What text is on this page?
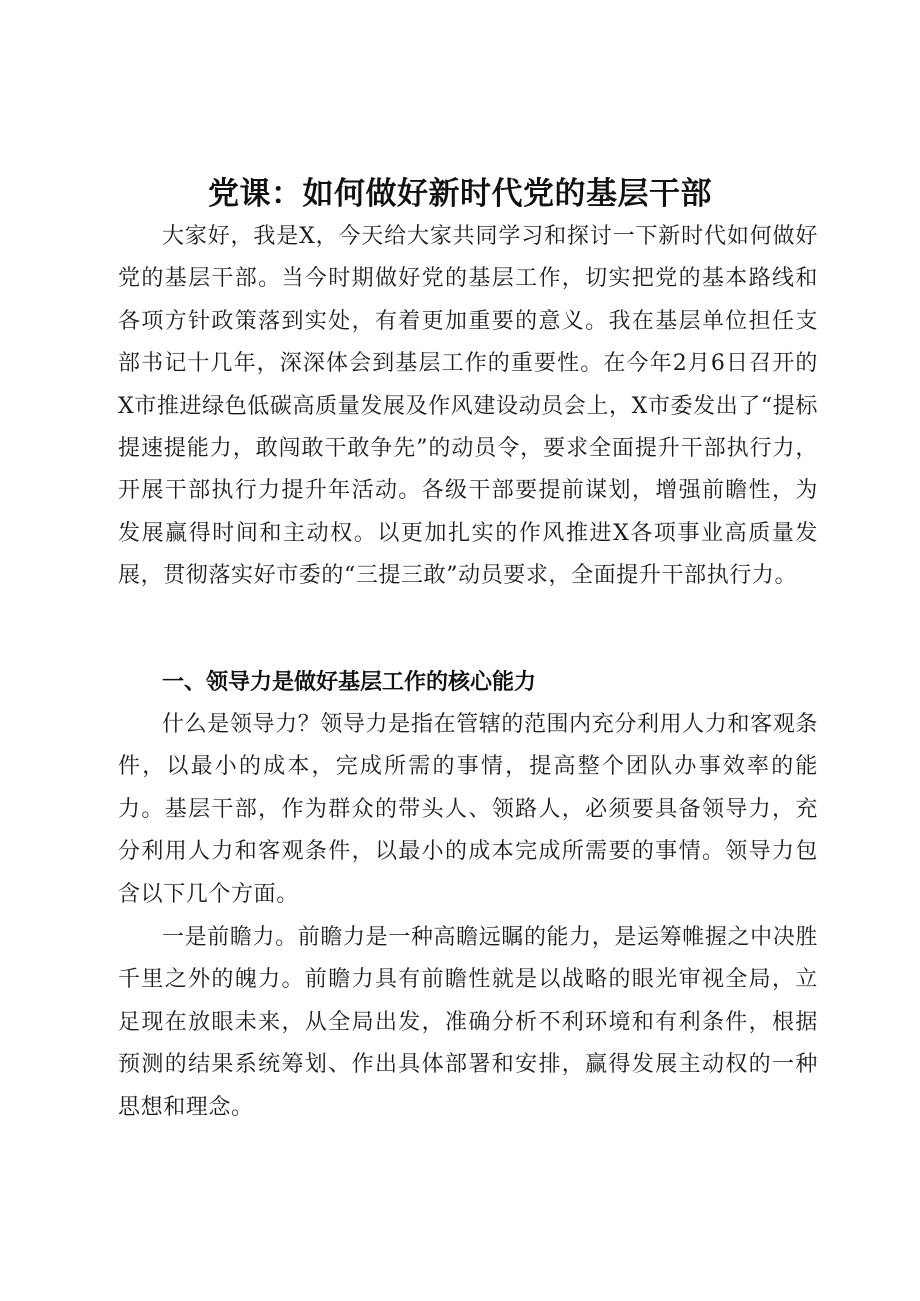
党课：如何做好新时代党的基层干部

大家好，我是X，今天给大家共同学习和探讨一下新时代如何做好党的基层干部。当今时期做好党的基层工作，切实把党的基本路线和各项方针政策落到实处，有着更加重要的意义。我在基层单位担任支部书记十几年，深深体会到基层工作的重要性。在今年2月6日召开的X市推进绿色低碳高质量发展及作风建设动员会上，X市委发出了“提标提速提能力，敢闯敢干敢争先”的动员令，要求全面提升干部执行力，开展干部执行力提升年活动。各级干部要提前谋划，增强前瞻性，为发展赢得时间和主动权。以更加扎实的作风推进X各项事业高质量发展，贯彻落实好市委的“三提三敢”动员要求，全面提升干部执行力。

一、领导力是做好基层工作的核心能力

什么是领导力？领导力是指在管辖的范围内充分利用人力和客观条件，以最小的成本，完成所需的事情，提高整个团队办事效率的能力。基层干部，作为群众的带头人、领路人，必须要具备领导力，充分利用人力和客观条件，以最小的成本完成所需要的事情。领导力包含以下几个方面。

一是前瞻力。前瞻力是一种高瞻远瞩的能力，是运筹帷握之中决胜千里之外的魄力。前瞻力具有前瞻性就是以战略的眼光审视全局，立足现在放眼未来，从全局出发，准确分析不利环境和有利条件，根据预测的结果系统筹划、作出具体部署和安排，赢得发展主动权的一种思想和理念。
